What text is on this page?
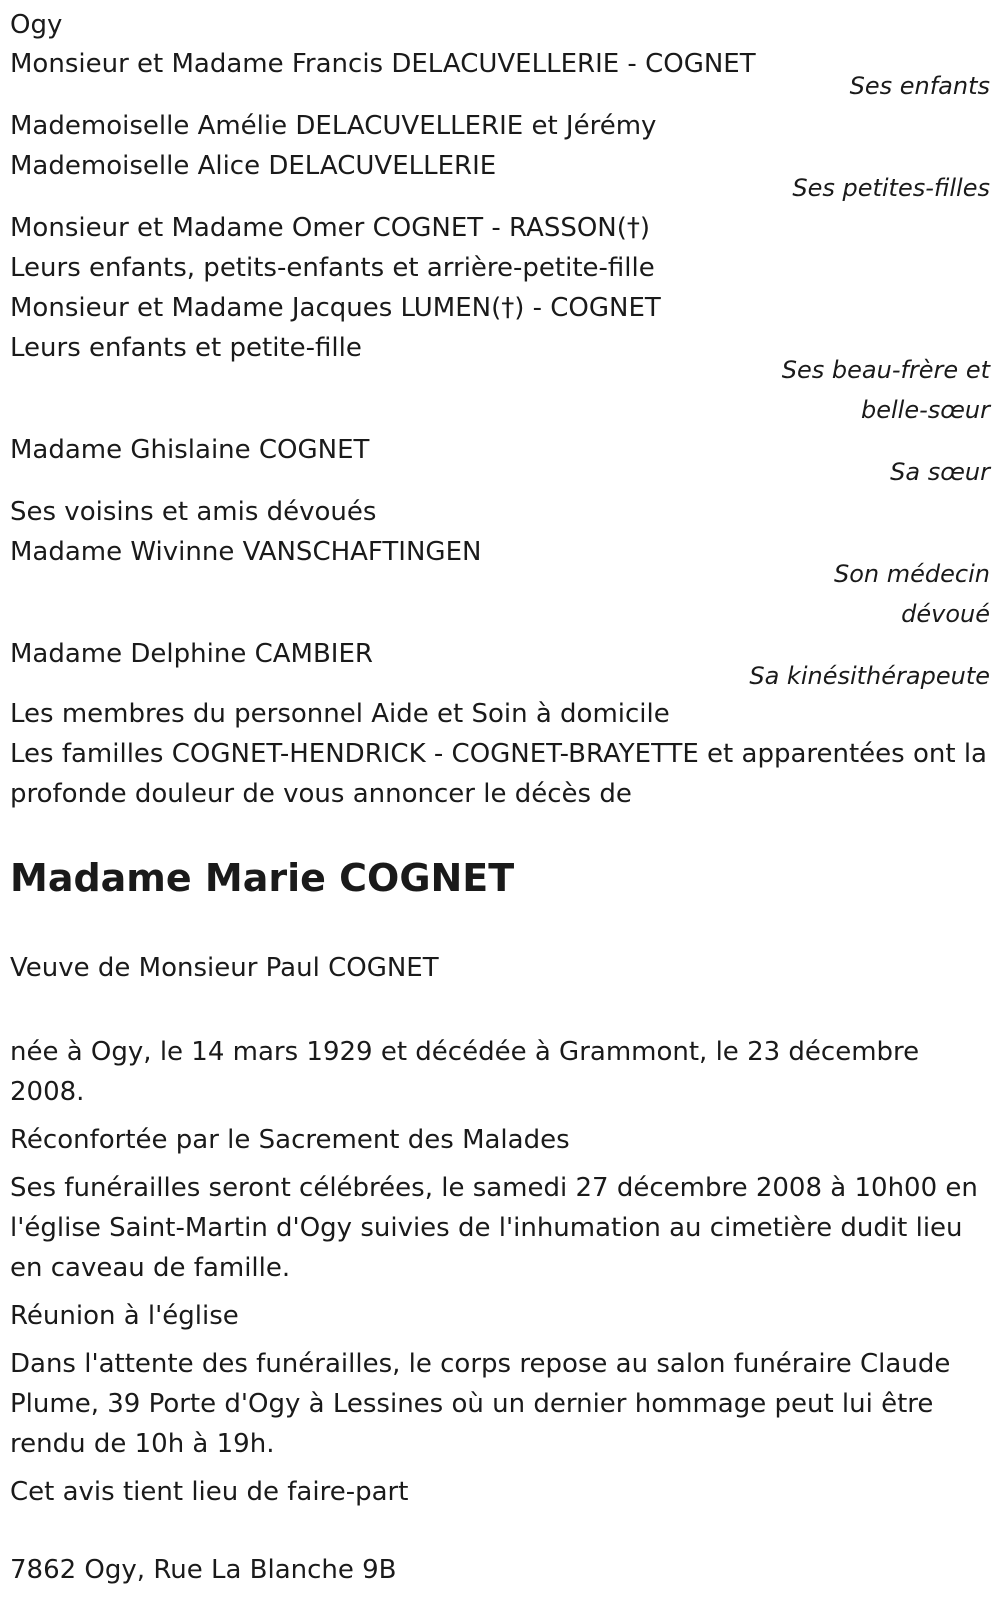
Ogy
Monsieur et Madame Francis DELACUVELLERIE - COGNET
Ses enfants
Mademoiselle Amélie DELACUVELLERIE et Jérémy
Mademoiselle Alice DELACUVELLERIE
Ses petites-filles
Monsieur et Madame Omer COGNET - RASSON(†)
Leurs enfants, petits-enfants et arrière-petite-fille
Monsieur et Madame Jacques LUMEN(†) - COGNET
Leurs enfants et petite-fille
Ses beau-frère et
belle-sœur
Madame Ghislaine COGNET
Sa sœur
Ses voisins et amis dévoués
Madame Wivinne VANSCHAFTINGEN
Son médecin
dévoué
Madame Delphine CAMBIER
Sa kinésithérapeute
Les membres du personnel Aide et Soin à domicile
Les familles COGNET-HENDRICK - COGNET-BRAYETTE et apparentées ont la profonde douleur de vous annoncer le décès de
Madame Marie COGNET
Veuve de Monsieur Paul COGNET
née à Ogy, le 14 mars 1929 et décédée à Grammont, le 23 décembre 2008.
Réconfortée par le Sacrement des Malades
Ses funérailles seront célébrées, le samedi 27 décembre 2008 à 10h00 en l'église Saint-Martin d'Ogy suivies de l'inhumation au cimetière dudit lieu en caveau de famille.
Réunion à l'église
Dans l'attente des funérailles, le corps repose au salon funéraire Claude Plume, 39 Porte d'Ogy à Lessines où un dernier hommage peut lui être rendu de 10h à 19h.
Cet avis tient lieu de faire-part
7862 Ogy, Rue La Blanche 9B
